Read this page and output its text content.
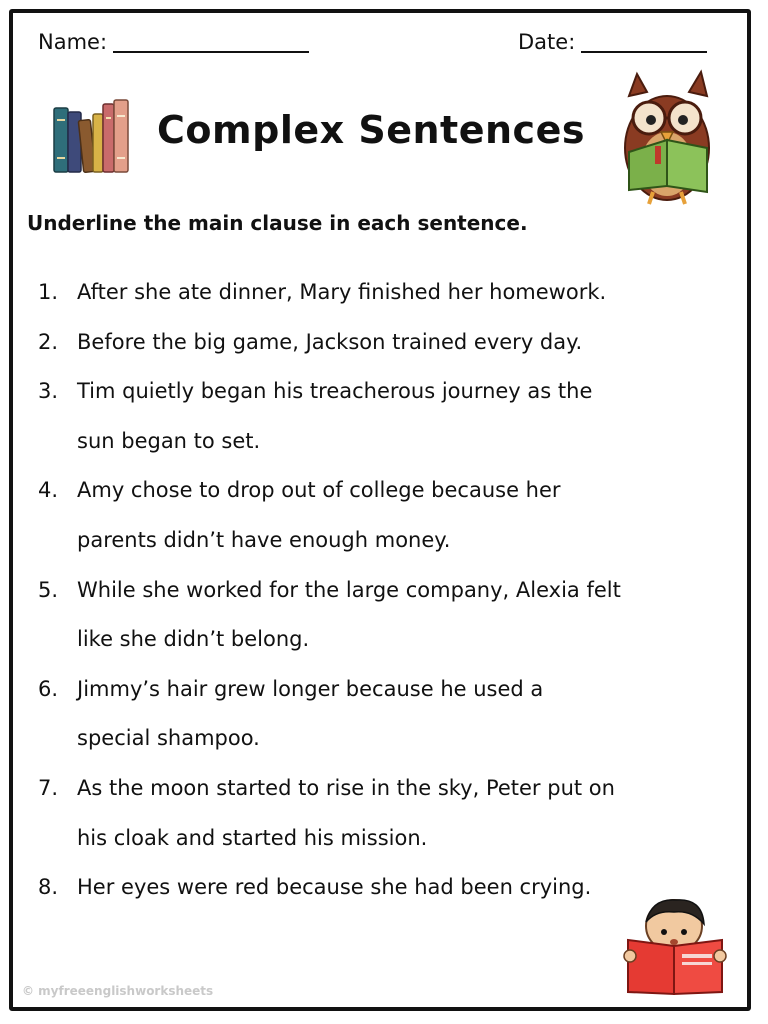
Name:	Date:
Complex Sentences
Underline the main clause in each sentence.
1. After she ate dinner, Mary finished her homework.
2. Before the big game, Jackson trained every day.
3. Tim quietly began his treacherous journey as the
sun began to set.
4. Amy chose to drop out of college because her
parents didn’t have enough money.
5. While she worked for the large company, Alexia felt
like she didn’t belong.
6. Jimmy’s hair grew longer because he used a
special shampoo.
7. As the moon started to rise in the sky, Peter put on
his cloak and started his mission.
8. Her eyes were red because she had been crying.
© myfreeenglishworksheets
